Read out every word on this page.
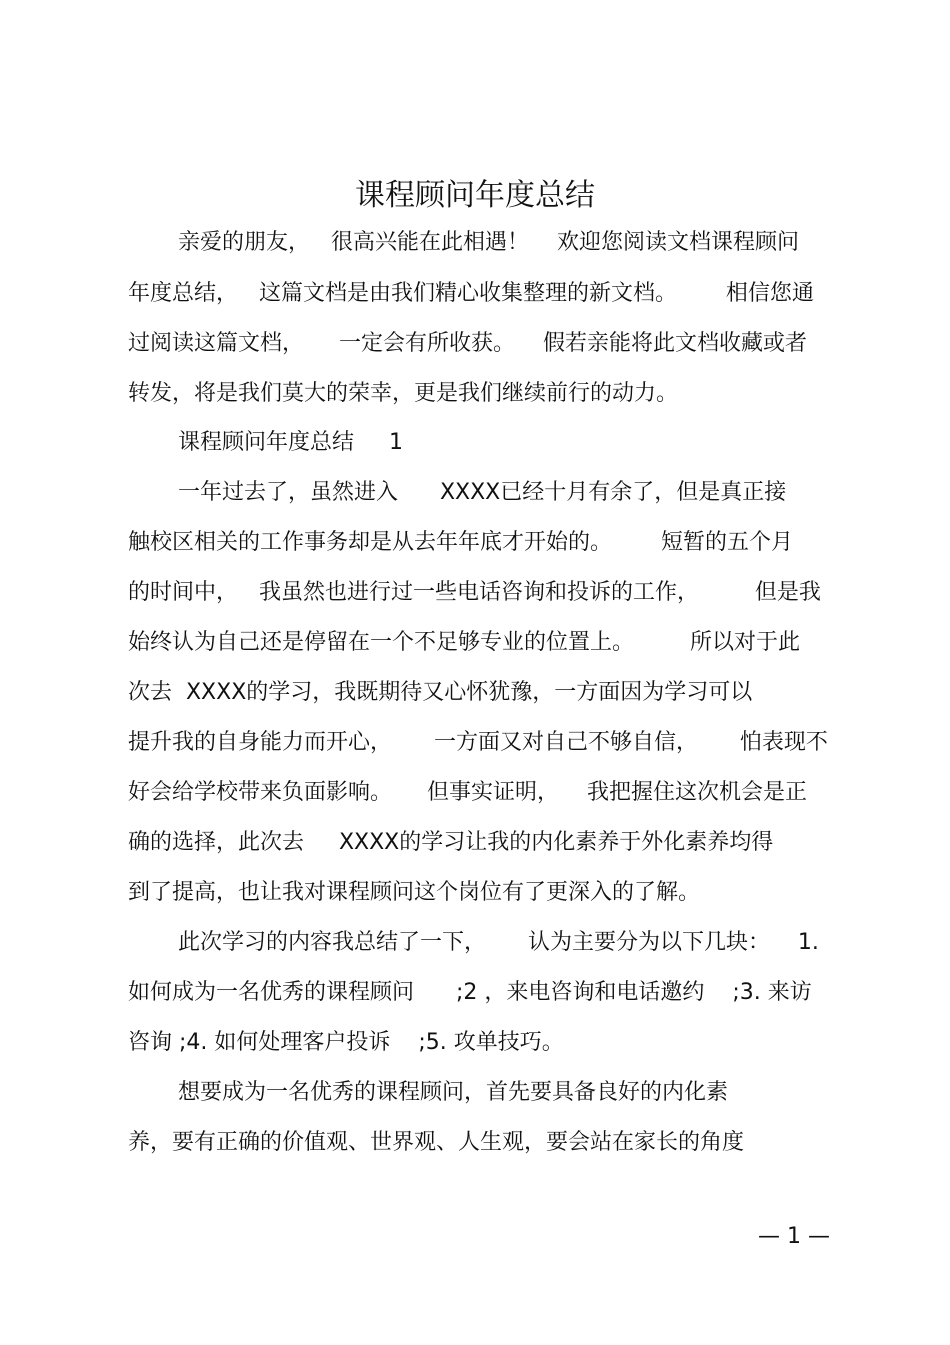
课程顾问年度总结
亲爱的朋友，   很高兴能在此相遇！    欢迎您阅读文档课程顾问
年度总结，   这篇文档是由我们精心收集整理的新文档。       相信您通
过阅读这篇文档，     一定会有所收获。    假若亲能将此文档收藏或者
转发，将是我们莫大的荣幸，更是我们继续前行的动力。
课程顾问年度总结     1
一年过去了，虽然进入      XXXX已经十月有余了，但是真正接
触校区相关的工作事务却是从去年年底才开始的。       短暂的五个月
的时间中，   我虽然也进行过一些电话咨询和投诉的工作，        但是我
始终认为自己还是停留在一个不足够专业的位置上。        所以对于此
次去  XXXX的学习，我既期待又心怀犹豫，一方面因为学习可以
提升我的自身能力而开心，      一方面又对自己不够自信，      怕表现不
好会给学校带来负面影响。     但事实证明，    我把握住这次机会是正
确的选择，此次去     XXXX的学习让我的内化素养于外化素养均得
到了提高，也让我对课程顾问这个岗位有了更深入的了解。
此次学习的内容我总结了一下，      认为主要分为以下几块：    1.
如何成为一名优秀的课程顾问      ;2 ，来电咨询和电话邀约    ;3. 来访
咨询 ;4. 如何处理客户投诉    ;5. 攻单技巧。
想要成为一名优秀的课程顾问，首先要具备良好的内化素
养，要有正确的价值观、世界观、人生观，要会站在家长的角度
— 1 —
